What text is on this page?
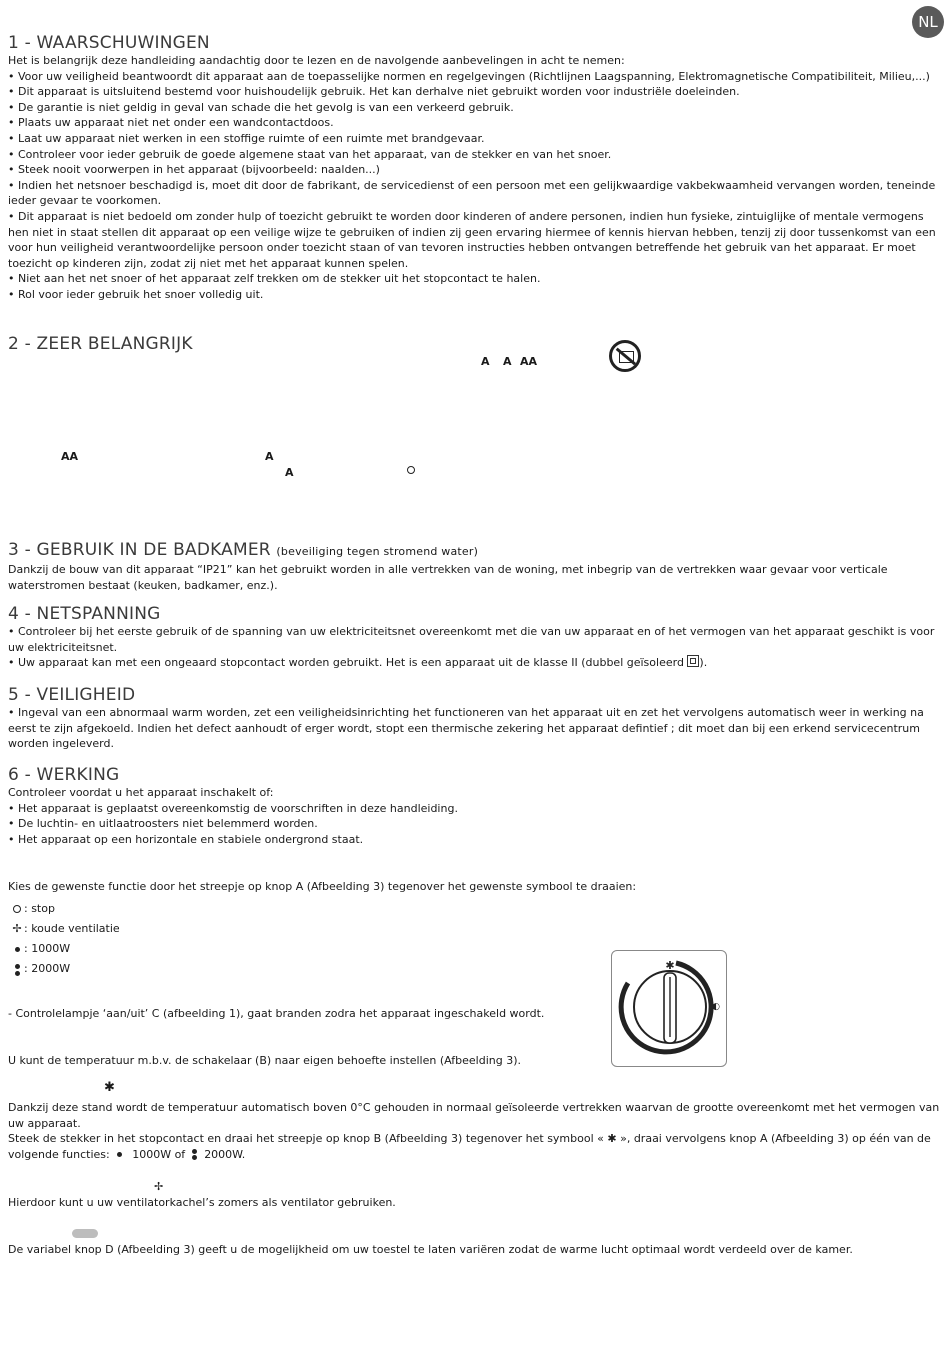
NL
1 - WAARSCHUWINGEN

Het is belangrijk deze handleiding aandachtig door te lezen en de navolgende aanbevelingen in acht te nemen:

• Voor uw veiligheid beantwoordt dit apparaat aan de toepasselijke normen en regelgevingen (Richtlijnen Laagspanning, Elektromagnetische Compatibiliteit, Milieu,...)

• Dit apparaat is uitsluitend bestemd voor huishoudelijk gebruik. Het kan derhalve niet gebruikt worden voor industriële doeleinden.

• De garantie is niet geldig in geval van schade die het gevolg is van een verkeerd gebruik.

• Plaats uw apparaat niet net onder een wandcontactdoos.

• Laat uw apparaat niet werken in een stoffige ruimte of een ruimte met brandgevaar.

• Controleer voor ieder gebruik de goede algemene staat van het apparaat, van de stekker en van het snoer.

• Steek nooit voorwerpen in het apparaat (bijvoorbeeld: naalden...)

• Indien het netsnoer beschadigd is, moet dit door de fabrikant, de servicedienst of een persoon met een gelijkwaardige vakbekwaamheid vervangen worden, teneinde ieder gevaar te voorkomen.

• Dit apparaat is niet bedoeld om zonder hulp of toezicht gebruikt te worden door kinderen of andere personen, indien hun fysieke, zintuiglijke of mentale vermogens hen niet in staat stellen dit apparaat op een veilige wijze te gebruiken of indien zij geen ervaring hiermee of kennis hiervan hebben, tenzij zij door tussenkomst van een voor hun veiligheid verantwoordelijke persoon onder toezicht staan of van tevoren instructies hebben ontvangen betreffende het gebruik van het apparaat. Er moet toezicht op kinderen zijn, zodat zij niet met het apparaat kunnen spelen.

• Niet aan het net snoer of het apparaat zelf trekken om de stekker uit het stopcontact te halen.

• Rol voor ieder gebruik het snoer volledig uit.

2 - ZEER BELANGRIJK
A A AA
AA	A
A
3 - GEBRUIK IN DE BADKAMER (beveiliging tegen stromend water)

Dankzij de bouw van dit apparaat “IP21” kan het gebruikt worden in alle vertrekken van de woning, met inbegrip van de vertrekken waar gevaar voor verticale waterstromen bestaat (keuken, badkamer, enz.).

4 - NETSPANNING

• Controleer bij het eerste gebruik of de spanning van uw elektriciteitsnet overeenkomt met die van uw apparaat en of het vermogen van het apparaat geschikt is voor uw elektriciteitsnet.

• Uw apparaat kan met een ongeaard stopcontact worden gebruikt. Het is een apparaat uit de klasse II (dubbel geïsoleerd ).

5 - VEILIGHEID

• Ingeval van een abnormaal warm worden, zet een veiligheidsinrichting het functioneren van het apparaat uit en zet het vervolgens automatisch weer in werking na eerst te zijn afgekoeld. Indien het defect aanhoudt of erger wordt, stopt een thermische zekering het apparaat defintief ; dit moet dan bij een erkend servicecentrum worden ingeleverd.

6 - WERKING

Controleer voordat u het apparaat inschakelt of:

• Het apparaat is geplaatst overeenkomstig de voorschriften in deze handleiding.

• De luchtin- en uitlaatroosters niet belemmerd worden.

• Het apparaat op een horizontale en stabiele ondergrond staat.

Kies de gewenste functie door het streepje op knop A (Afbeelding 3) tegenover het gewenste symbool te draaien:

: stop
✢ : koude ventilatie
: 1000W

: 2000W	✱
◐

- Controlelampje ‘aan/uit’ C (afbeelding 1), gaat branden zodra het apparaat ingeschakeld wordt.

U kunt de temperatuur m.b.v. de schakelaar (B) naar eigen behoefte instellen (Afbeelding 3).

✱

Dankzij deze stand wordt de temperatuur automatisch boven 0°C gehouden in normaal geïsoleerde vertrekken waarvan de grootte overeenkomt met het vermogen van uw apparaat.

Steek de stekker in het stopcontact en draai het streepje op knop B (Afbeelding 3) tegenover het symbool « ✱ », draai vervolgens knop A (Afbeelding 3) op één van de volgende functies: 1000W of 2000W.

✢

Hierdoor kunt u uw ventilatorkachel’s zomers als ventilator gebruiken.

De variabel knop D (Afbeelding 3) geeft u de mogelijkheid om uw toestel te laten variëren zodat de warme lucht optimaal wordt verdeeld over de kamer.
